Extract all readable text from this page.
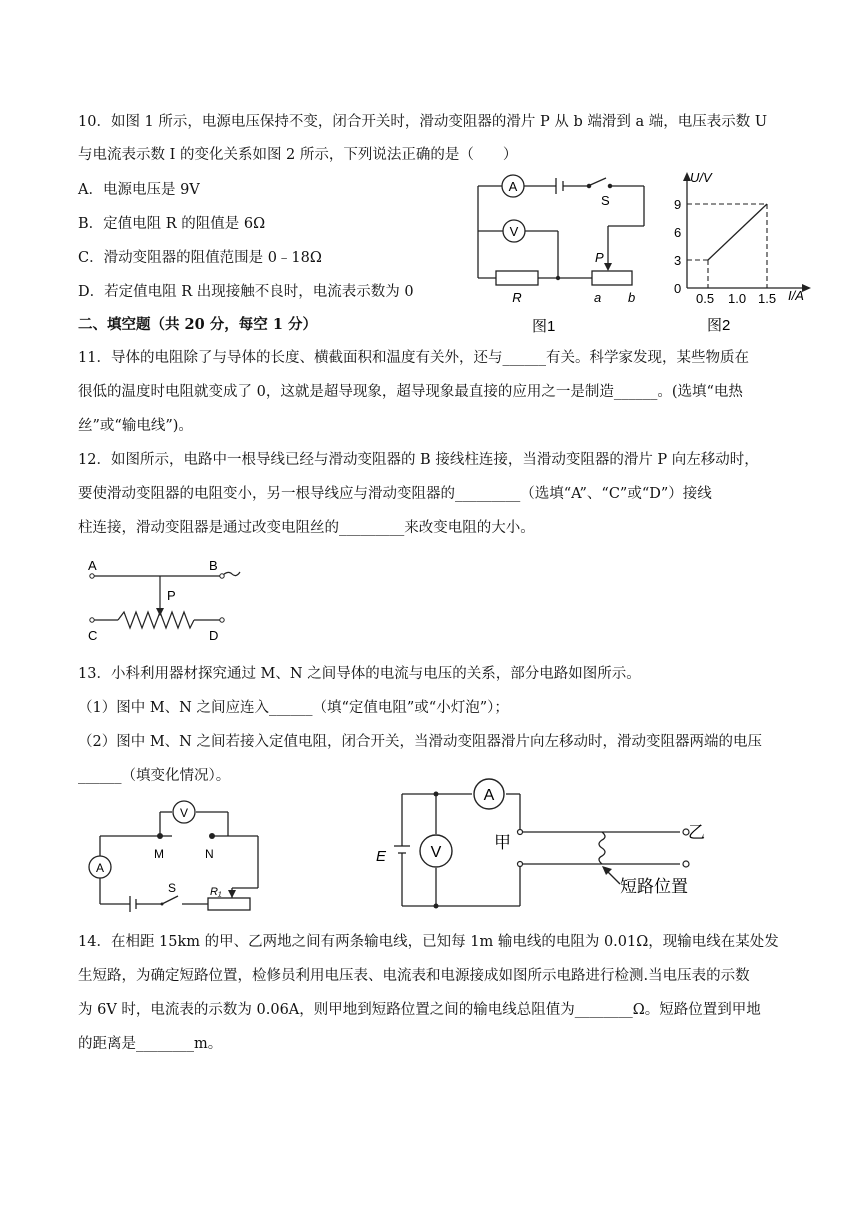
10．如图 1 所示，电源电压保持不变，闭合开关时，滑动变阻器的滑片 P 从 b 端滑到 a 端，电压表示数 U
与电流表示数 I 的变化关系如图 2 所示，下列说法正确的是（　　）
A．电源电压是 9V
B．定值电阻 R 的阻值是 6Ω
C．滑动变阻器的阻值范围是 0﹣18Ω
D．若定值电阻 R 出现接触不良时，电流表示数为 0
A
V
S
P
R	a b
图1
U/V
I/A
9
6
3
0
0.5 1.0 1.5
图2
二、填空题（共 20 分，每空 1 分）
11．导体的电阻除了与导体的长度、横截面积和温度有关外，还与______有关。科学家发现，某些物质在
很低的温度时电阻就变成了 0，这就是超导现象，超导现象最直接的应用之一是制造______。(选填“电热
丝”或“输电线”)。
12．如图所示，电路中一根导线已经与滑动变阻器的 B 接线柱连接，当滑动变阻器的滑片 P 向左移动时，
要使滑动变阻器的电阻变小，另一根导线应与滑动变阻器的_________（选填“A”、“C”或“D”）接线
柱连接，滑动变阻器是通过改变电阻丝的_________来改变电阻的大小。
A	B
P
C	D
13．小科利用器材探究通过 M、N 之间导体的电流与电压的关系，部分电路如图所示。
（1）图中 M、N 之间应连入______（填“定值电阻”或“小灯泡”）；
（2）图中 M、N 之间若接入定值电阻，闭合开关，当滑动变阻器滑片向左移动时，滑动变阻器两端的电压
______（填变化情况）。
V
A
M	N
S	R₁
E
A
V
甲
乙
短路位置
14．在相距 15km 的甲、乙两地之间有两条输电线，已知每 1m 输电线的电阻为 0.01Ω，现输电线在某处发
生短路，为确定短路位置，检修员利用电压表、电流表和电源接成如图所示电路进行检测.当电压表的示数
为 6V 时，电流表的示数为 0.06A，则甲地到短路位置之间的输电线总阻值为________Ω。短路位置到甲地
的距离是________m。
